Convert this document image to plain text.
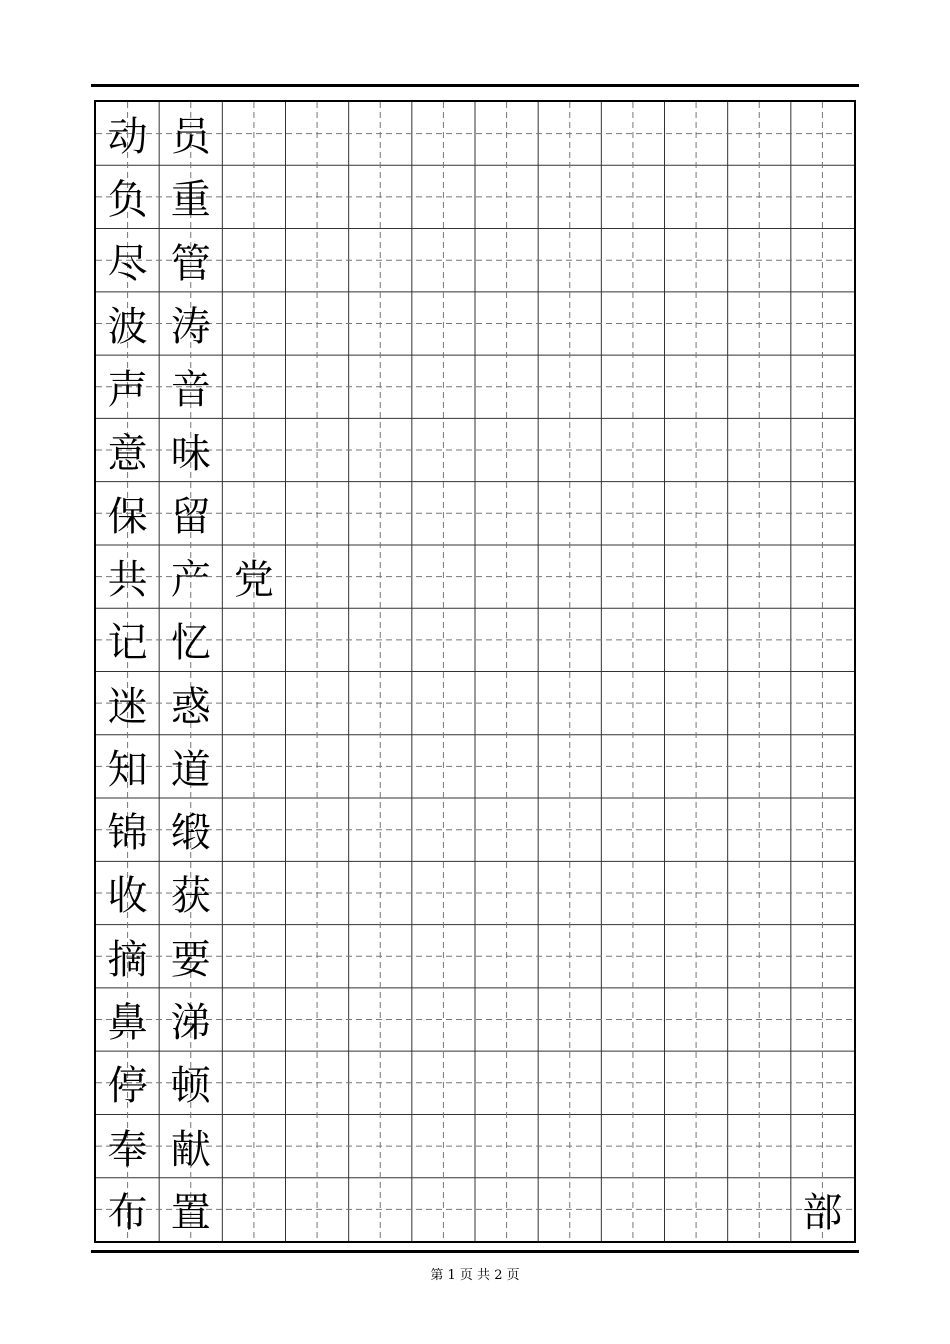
动 员
负 重
尽 管
波 涛
声 音
意 味
保 留
共 产 党
记 忆
迷 惑
知 道
锦 缎
收 获
摘 要
鼻 涕
停 顿
奉 献
布 置	部
第 1 页 共 2 页
